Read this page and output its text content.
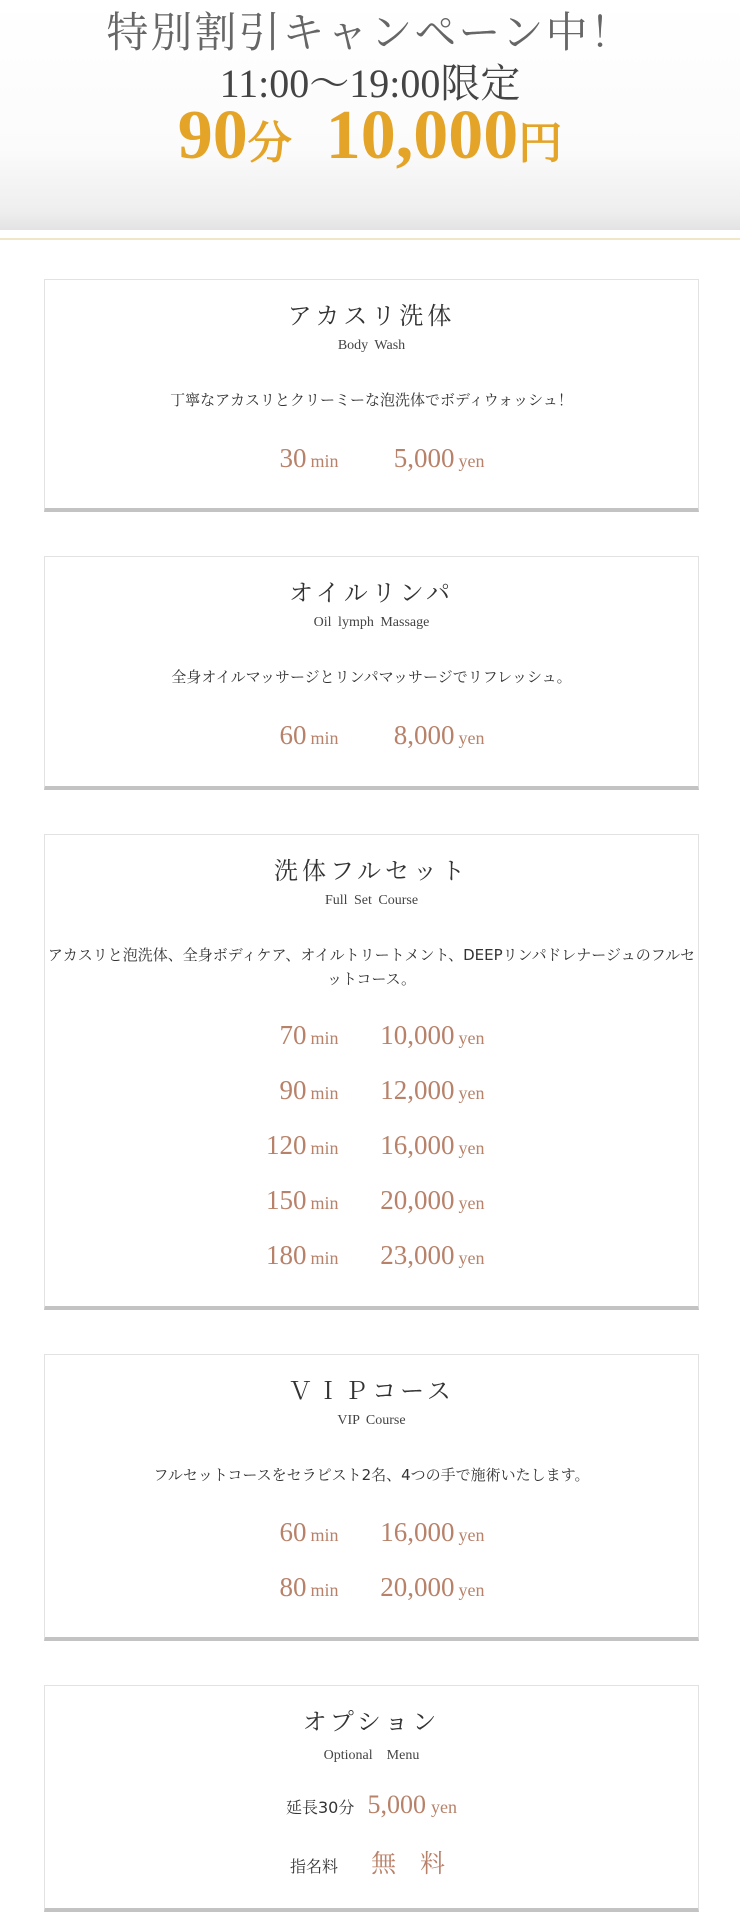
特別割引キャンペーン中！
11:00〜19:00限定
90分 10,000円
アカスリ洗体
Body Wash
丁寧なアカスリとクリーミーな泡洗体でボディウォッシュ！
30 min 5,000 yen
オイルリンパ
Oil lymph Massage
全身オイルマッサージとリンパマッサージでリフレッシュ。
60 min 8,000 yen
洗体フルセット
Full Set Course
アカスリと泡洗体、全身ボディケア、オイルトリートメント、DEEPリンパドレナージュのフルセットコース。
70 min 10,000 yen
90 min 12,000 yen
120 min 16,000 yen
150 min 20,000 yen
180 min 23,000 yen
ＶＩＰコース
VIP Course
フルセットコースをセラピスト2名、4つの手で施術いたします。
60 min 16,000 yen
80 min 20,000 yen
オプション
Optional　Menu
延長30分 5,000 yen
指名料 無 料
